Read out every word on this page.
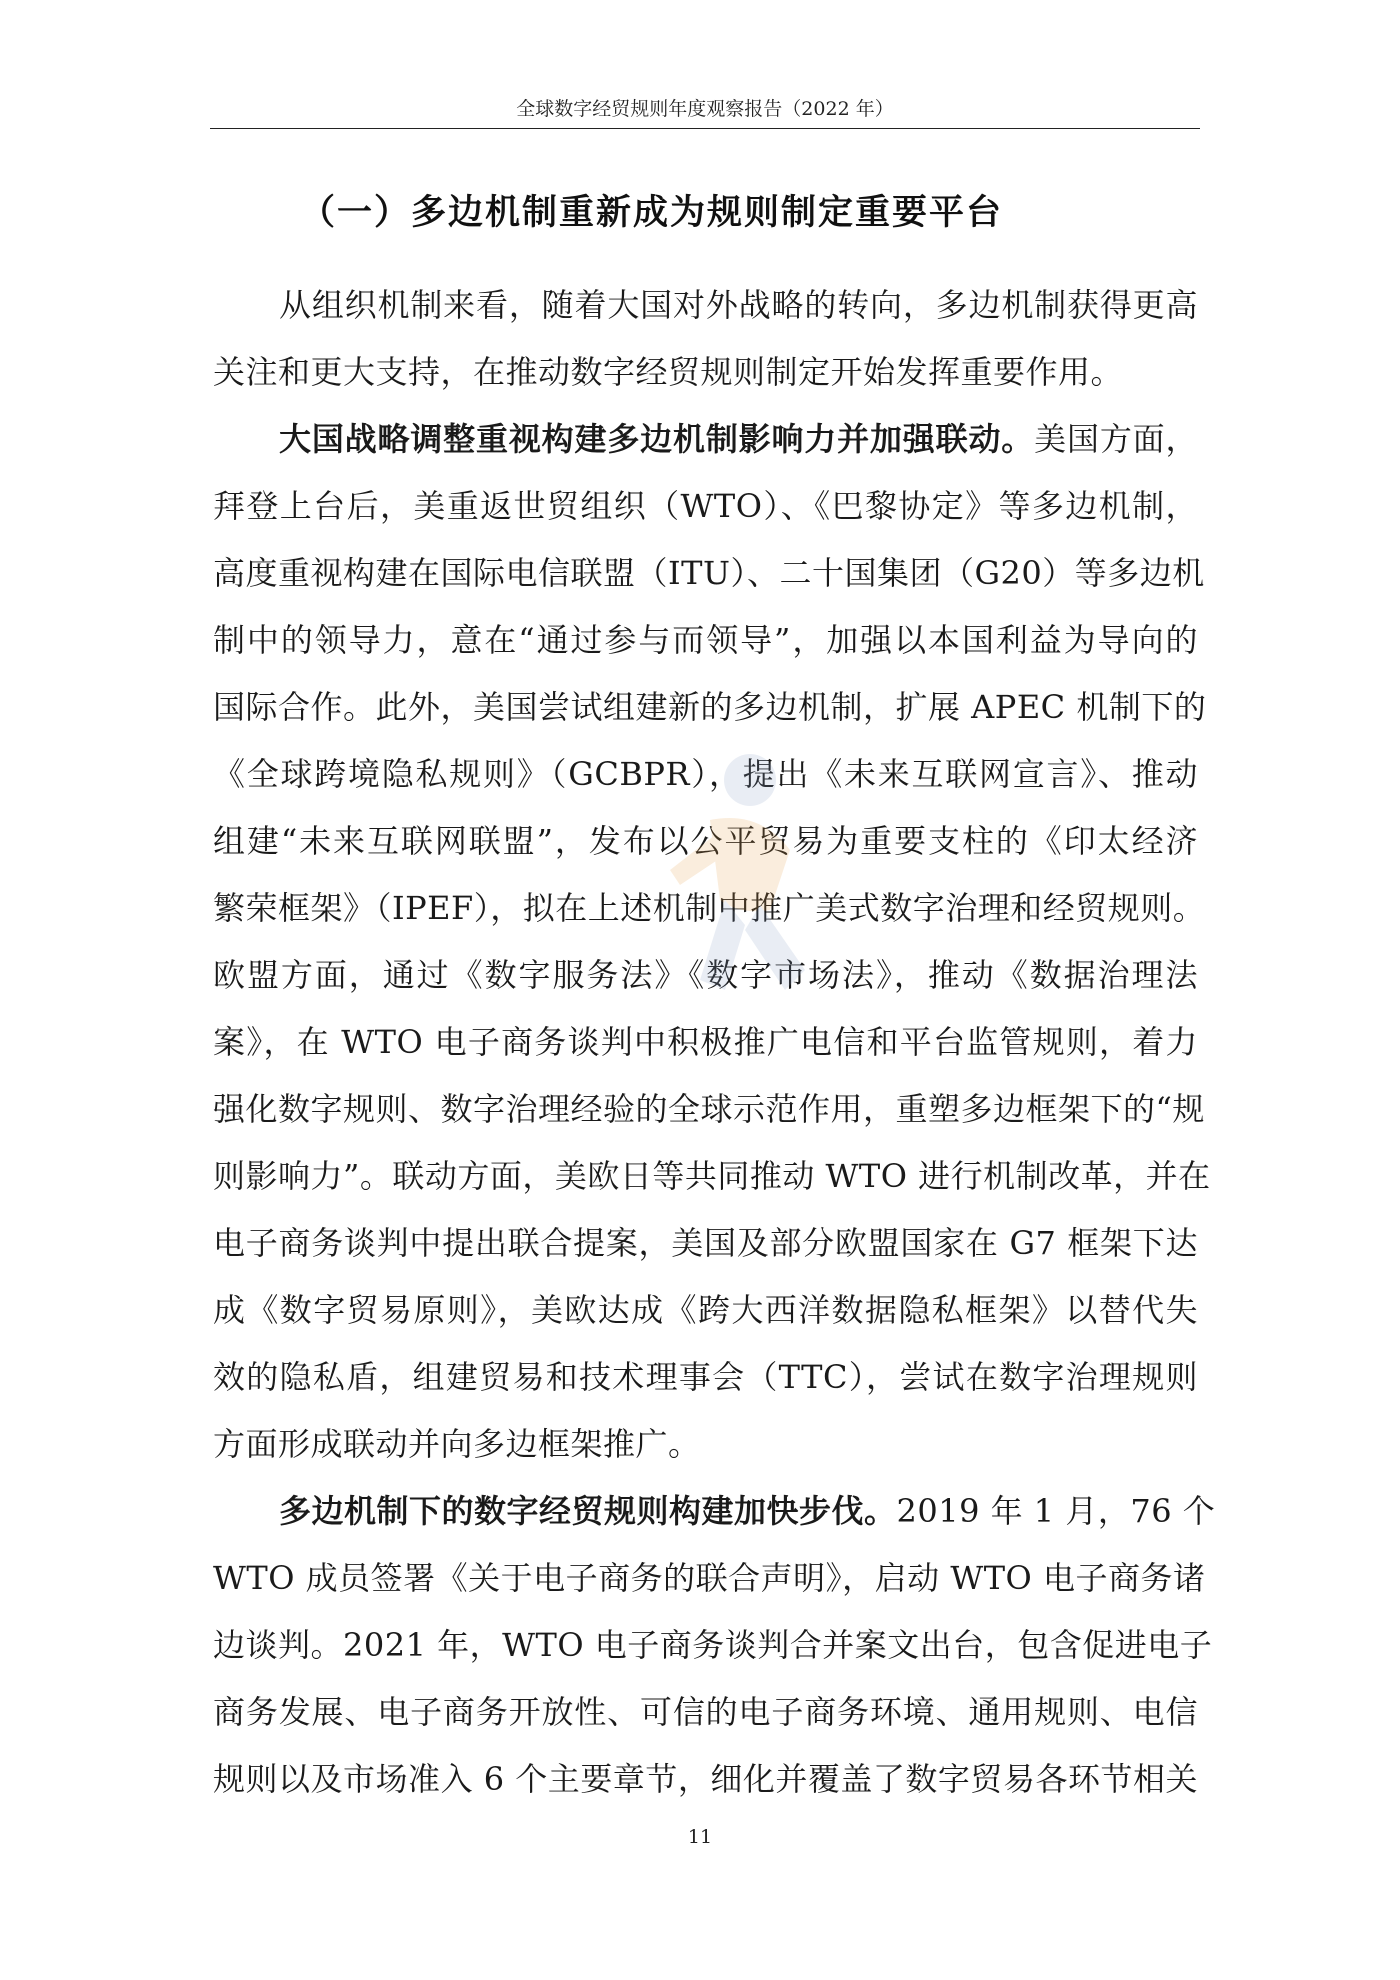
全球数字经贸规则年度观察报告（2022 年）
（一）多边机制重新成为规则制定重要平台
从组织机制来看，随着大国对外战略的转向，多边机制获得更高
关注和更大支持，在推动数字经贸规则制定开始发挥重要作用。
大国战略调整重视构建多边机制影响力并加强联动。美国方面，
拜登上台后，美重返世贸组织（WTO）、《巴黎协定》等多边机制，
高度重视构建在国际电信联盟（ITU）、二十国集团（G20）等多边机
制中的领导力，意在“通过参与而领导”，加强以本国利益为导向的
国际合作。此外，美国尝试组建新的多边机制，扩展 APEC 机制下的
《全球跨境隐私规则》（GCBPR），提出《未来互联网宣言》、推动
组建“未来互联网联盟”，发布以公平贸易为重要支柱的《印太经济
繁荣框架》（IPEF），拟在上述机制中推广美式数字治理和经贸规则。
欧盟方面，通过《数字服务法》《数字市场法》，推动《数据治理法
案》，在 WTO 电子商务谈判中积极推广电信和平台监管规则，着力
强化数字规则、数字治理经验的全球示范作用，重塑多边框架下的“规
则影响力”。联动方面，美欧日等共同推动 WTO 进行机制改革，并在
电子商务谈判中提出联合提案，美国及部分欧盟国家在 G7 框架下达
成《数字贸易原则》，美欧达成《跨大西洋数据隐私框架》以替代失
效的隐私盾，组建贸易和技术理事会（TTC），尝试在数字治理规则
方面形成联动并向多边框架推广。
多边机制下的数字经贸规则构建加快步伐。2019 年 1 月，76 个
WTO 成员签署《关于电子商务的联合声明》，启动 WTO 电子商务诸
边谈判。2021 年，WTO 电子商务谈判合并案文出台，包含促进电子
商务发展、电子商务开放性、可信的电子商务环境、通用规则、电信
规则以及市场准入 6 个主要章节，细化并覆盖了数字贸易各环节相关
11
